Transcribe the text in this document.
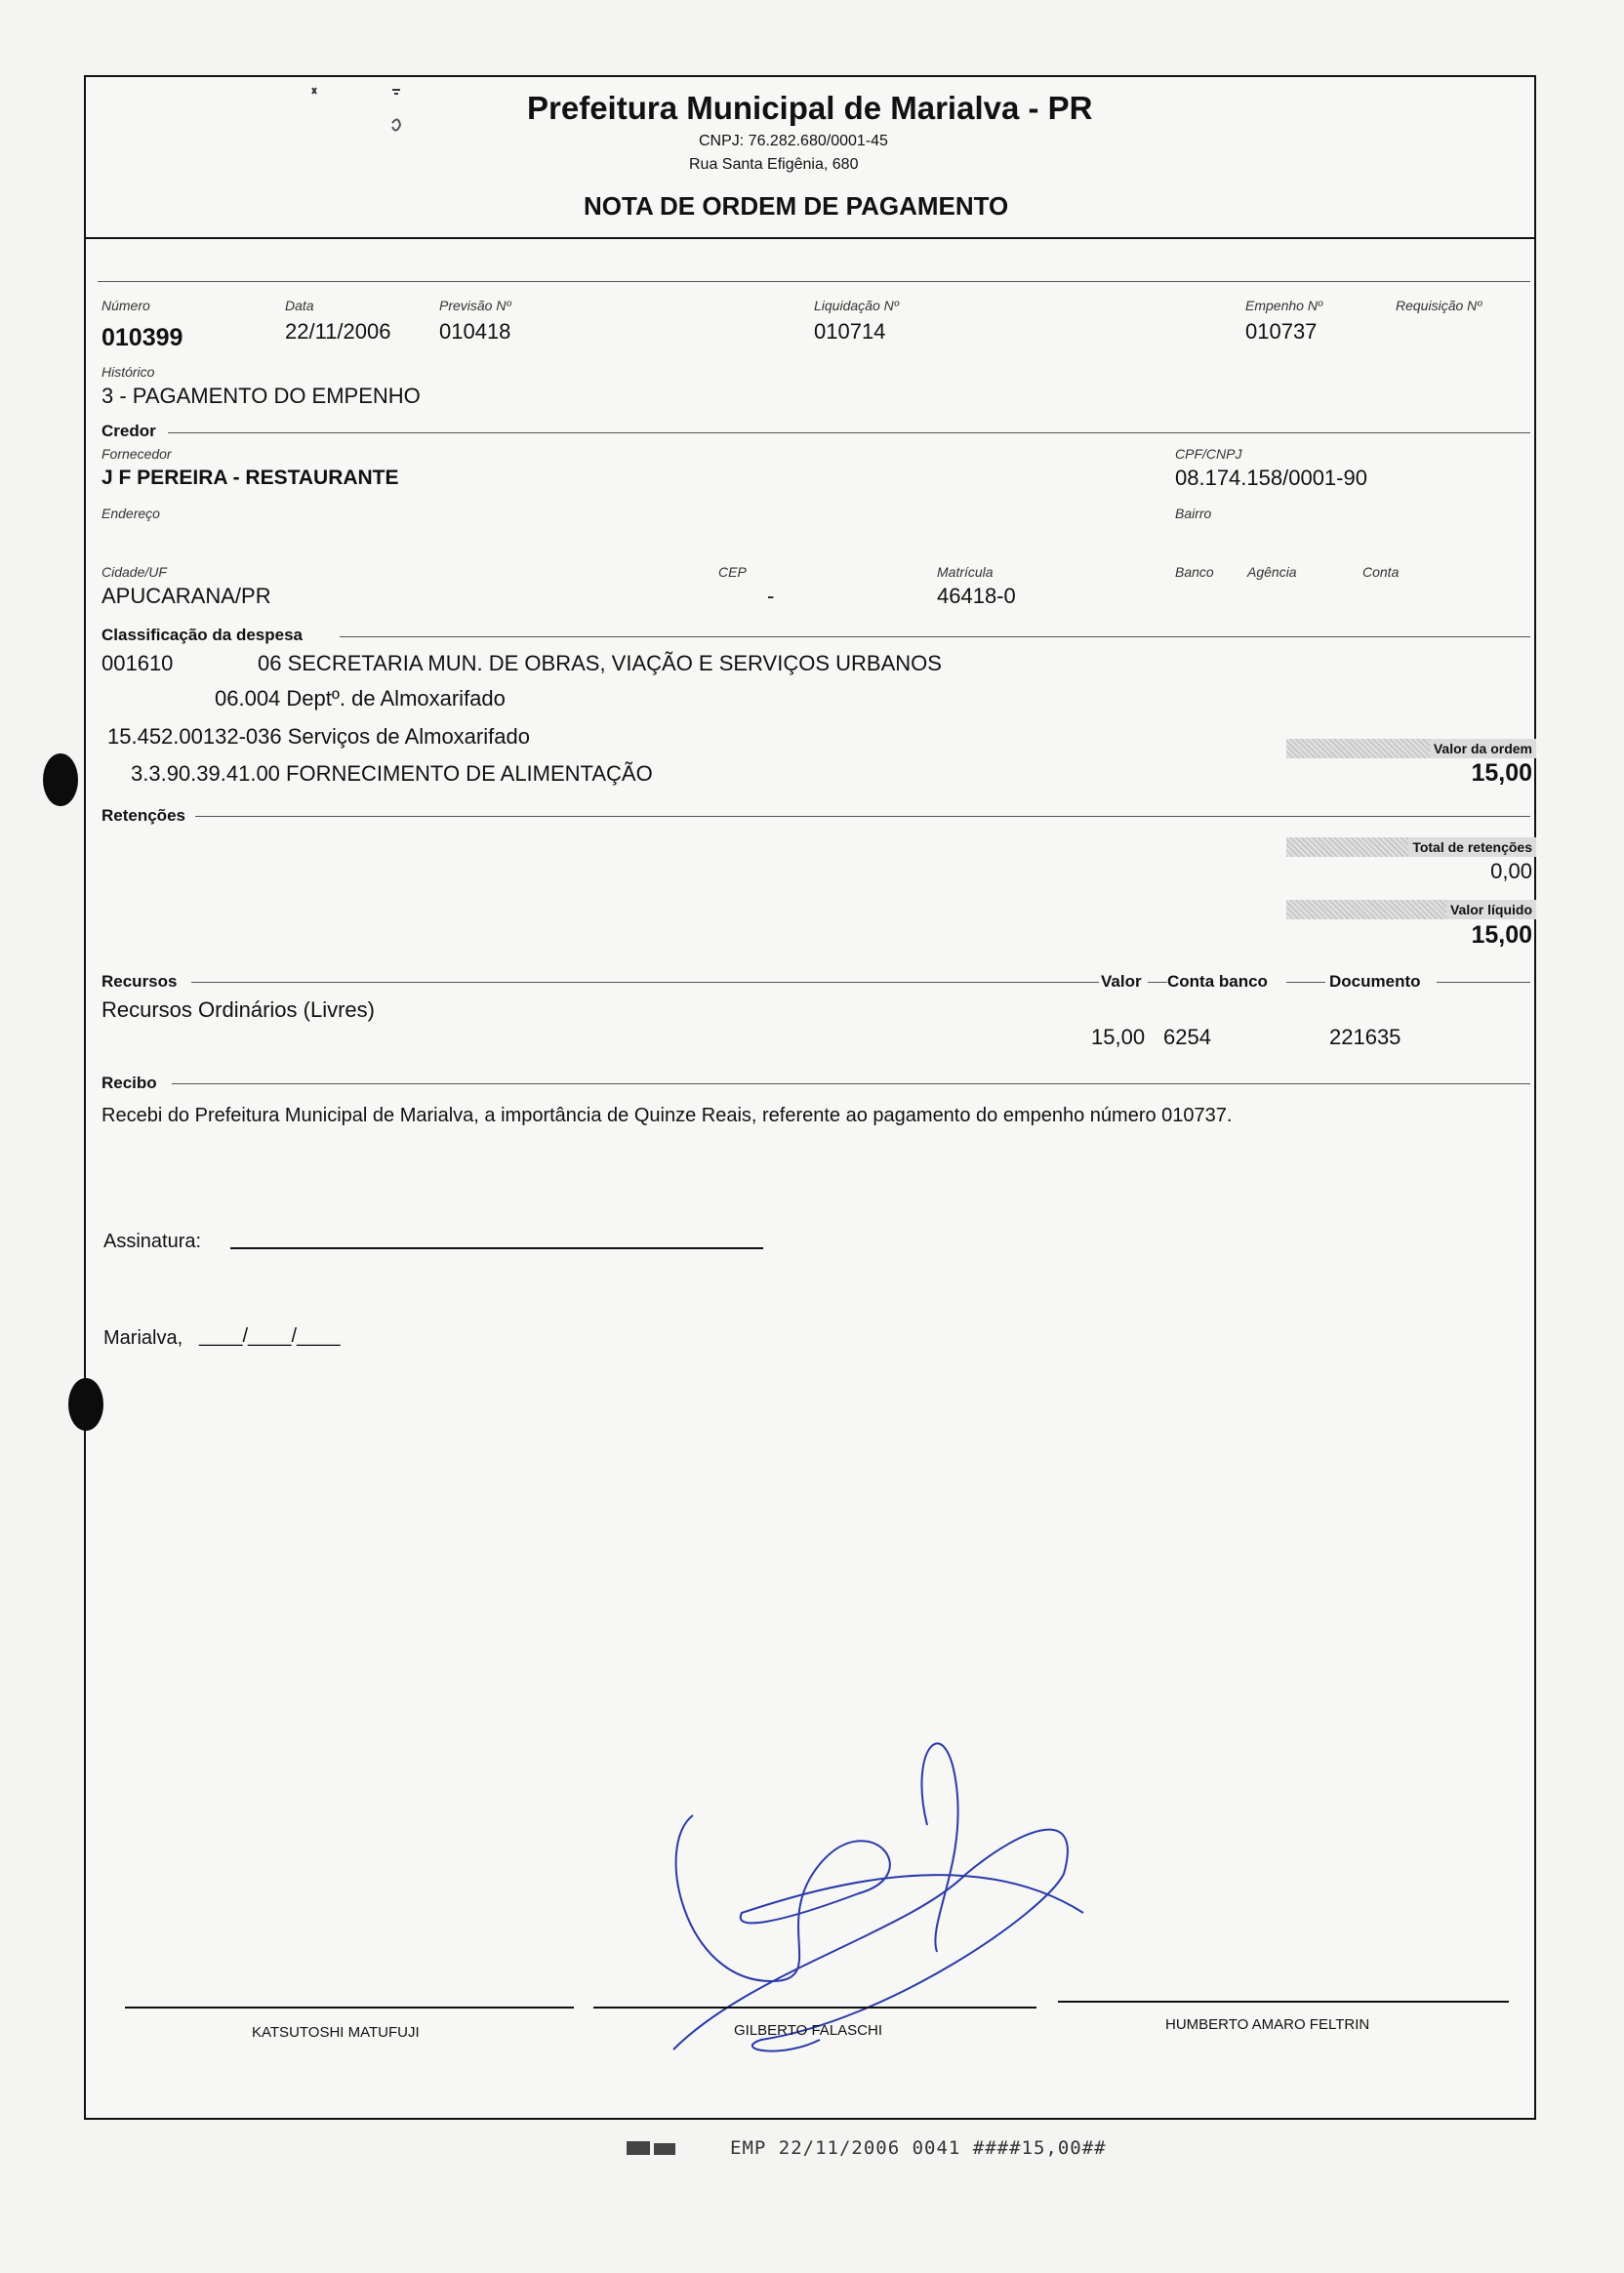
Prefeitura Municipal de Marialva - PR
CNPJ: 76.282.680/0001-45
Rua Santa Efigênia, 680
NOTA DE ORDEM DE PAGAMENTO
Número	Data	Previsão Nº	Liquidação Nº	Empenho Nº	Requisição Nº
010399	22/11/2006 010418	010714	010737
Histórico
3 - PAGAMENTO DO EMPENHO
Credor
Fornecedor	CPF/CNPJ
J F PEREIRA - RESTAURANTE	08.174.158/0001-90
Endereço	Bairro
Cidade/UF	CEP	Matrícula	Banco Agência	Conta
APUCARANA/PR	-	46418-0
Classificação da despesa
001610	06 SECRETARIA MUN. DE OBRAS, VIAÇÃO E SERVIÇOS URBANOS
06.004 Deptº. de Almoxarifado
15.452.00132-036 Serviços de Almoxarifado
3.3.90.39.41.00 FORNECIMENTO DE ALIMENTAÇÃO
Valor da ordem
15,00
Retenções
Total de retenções
0,00
Valor líquido
15,00
Recursos	Valor Conta banco	Documento
Recursos Ordinários (Livres)
15,00 6254	221635
Recibo
Recebi do Prefeitura Municipal de Marialva, a importância de Quinze Reais, referente ao pagamento do empenho número 010737.
Assinatura:
Marialva, ____/____/____
KATSUTOSHI MATUFUJI	GILBERTO FALASCHI	HUMBERTO AMARO FELTRIN
EMP 22/11/2006 0041 ####15,00##
